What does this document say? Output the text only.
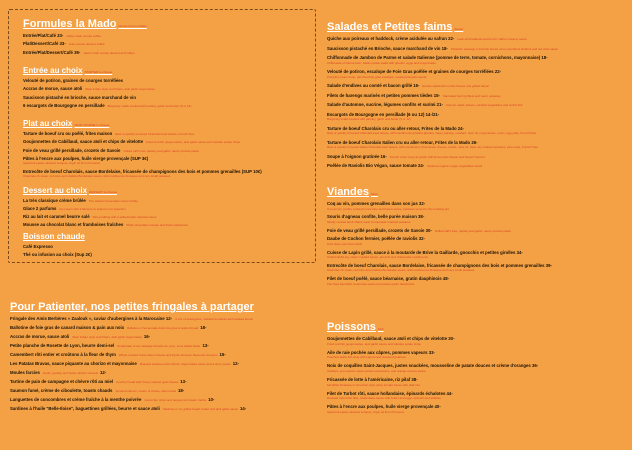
Formules la Mado Menus from La Mado
Entrée/Plat/Café 33- starter main course coffee
Plat/Dessert/Café 33- main course dessert coffee
Entrée/Plat/Dessert/Café 39- starter main course dessert and coffee
Entrée au choix STARTER to choose
Velouté de potiron, graines de courges torréfiées
Accras de morue, sauce aïoli West Indian style cod fritters, aioli garlic mayonnaise
Saucisson pistaché en brioche, sauce marchand de vin
6 escargots de Bourgogne en persillade Burgundy snails cooked with parsley, garlic and butter (6 or 12)
Plat au choix MAIN COURSE to choose
Tartare de boeuf cru ou poêlé, frites maison Raw or quickly browned Charolais beef tartare, French fries
Goujonnettes de Cabillaud, sauce aïoli et chips de vitelotte Fried cod fish goujonnettes, aioli garlic sauce and vitelotte potato chips
Foie de veau grillé persillade, crozets de Savoie Grilled calf's liver parsley and garlic, savoy crozets pasta
Pâtes à l'encre aux poulpes, huile vierge provençale (SUP 3€)
Squid ink pasta, sauteed octopus, virgin oil from Provence
Entrecôte de boeuf Charolais, sauce Bordelaise, fricassée de champignons des bois et pommes grenailles (SUP 10€)
Charolais rib steak, red wine and shallots Bordelaise sauce, wild mushrooms fricassee and very small potatoes
Dessert au choix DESSERT to choose
La très classique crème brûlée The classic homemade crème brûlée
Glace 2 parfums Ice cream with 2 flavours to select in our selection
Riz au lait et caramel beurre salé Rice pudding with a salted butter caramel sauce
Mousse au chocolat blanc et framboises fraîches White chocolate mousse and fresh raspberries
Boisson chaude
Café Expresso
Thé ou infusion au choix (Sup 2€)
Salades et Petites faims Starter
Quiche aux poireaux et haddock, crème acidulée au safran 22- Leek and haddock quiche tart, saffron creamy sauce
Saucisson pistaché en Brioche, sauce marchand de vin 18- Pistachio sausage in brioche bread, wine merchants shallots and red wine sauce
Chiffonnade de Jambon de Parme et salade Italienne (pomme de terre, tomate, cornichons, mayonnaise) 18-
Chiffonade of Parma ham, Italian potato salad with gherkin, eggs and mayonnaise
Velouté de potiron, escalope de Foie Gras poêlée et graines de courges torréfiées 22-
Pumpkin cream soup, pan fried foie gras escalope, roasted pumpkin seeds
Salade d'endives au comté et bacon grillé 16- Endive salad with comté cheese and grilled bacon
Filets de harengs marinés et petites pommes tièdes 15- Marinated herring fillets and warm potatoes
Salade d'automne, sucrine, légumes confits et surimi 21- Autumn salad, lettuce, candied vegetables and surimi fish
Escargots de Bourgogne en persillade (6 ou 12) 14-/21-
Burgundy snails cooked with parsley, garlic and butter (6 or 12)
Tartare de boeuf Charolais cru ou aller-retour, Frites de la Mado 24-
Raw or quickly browned Charolais beef tartare, with condiments (pickled gherkin, caper, parsley, mustard, olive oil, mayonnaise, onion, egg yolk), French fries
Tartare de boeuf Charolais Italien cru ou aller-retour, Frites de la Mado 26-
Raw or quickly browned Italian Charolais beef tartare, with condiments (Parmesan cheese, rocket, olive oil, basil, dry cooked tomatoes, pine nuts), French fries
Soupe à l'oignon gratinée 16- French onion soup au gratin with Emmental cheese and bread croutons
Poêlée de Raviolis Bio Végan, sauce tomate 24- Sauteed organic vegan vegetables ravioli
Viandes Meat
Coq au vin, pommes grenailles dans son jus 32-
Coq au vin, poultry cooked in red wine and bacon sauce, potatoes served in the cooking pot
Souris d'agneau confite, belle purée maison 38-
Slowly cooked lamb shank meat, homemade mashed potatoes
Foie de veau grillé persillade, crozets de Savoie 30- Grilled calf's liver, parsley and garlic, savoy crozets pasta
Daube de Cochon fermier, poêlée de raviolis 32-
Pork stew, pan fried ravioli
Cuisse de Lapin grillé, sauce à la moutarde de Brive la Gaillarde, gnocchis et petites girolles 34-
Grilled rabbit leg, violet mustard sauce, gnocchi and chanterelle mushrooms
Entrecôte de boeuf Charolais, sauce Bordelaise, fricassée de champignons des bois et pommes grenailles 39-
Charolais rib steak, red wine and shallots Bordelaise sauce, wild mushrooms fricassee and very small potatoes
Filet de boeuf poêlé, sauce béarnaise, gratin dauphinois 48-
Pan fried beef fillet, bearnaise sauce and potato gratin dauphinois
Poissons Fish
Goujonnettes de Cabillaud, sauce aïoli et chips de vitelotte 30-
Fried cod fish goujonnettes, aioli garlic sauce and vitelotte potato chips
Aile de raie pochée aux câpres, pommes vapeurs 33-
Poached skate fish wing with capers and steamed potatoes
Noix de coquilles Saint-Jacques, justes snackées, mousseline de patate douces et crème d'oranges 36-
Scallops, just seared, sweet potato mousseline, and orange creamy sauce
Fricassée de lotte à l'américaine, riz pilaf 38-
Monkfish fricassee in American style spicy tomato sauce with pilaf rice
Filet de Turbot rôti, sauce hollandaise, épinards échalotes 44-
Roasted turbot fish fillet, hollandaise sauce with butter and eggs, spinach and shallots
Pâtes à l'encre aux poulpes, huile vierge provençale 40-
Squid ink pasta, sauteed octopus, virgin oil from Provence
Pour Patienter, nos petites fringales à partager
Fringale des Amis Berbères « Zaalouk », caviar d'aubergines à la Marocaine 12- A mix of aubergines, mashed tomatoes and candied lemon
Ballotine de foie gras de canard maison & pain aux noix Ballotine of homemade duck foie gras & walnut bread 18-
Accras de morue, sauce aïoli West Indian style cod fritters, aioli garlic mayonnaise 16-
Petite planche de Rosette de Lyon, beurre demi-sel Small plate of dry sausage Rosette de Lyon, semi salted butter 13-
Camembert rôti entier et croûtons à la fleur de thym Whole roasted Camembert cheese and thyme blossom flavoured croutons 15-
Les Patatas Bravas, sauce piquante au chorizo et mayonnaise Roasted potatoes with chorizo mayonnaise sauce and a spicy sauce 12-
Moules farcies Garlic, parsley and butter stuffed mussels 12-
Tartine de pain de campagne et chèvre rôti au miel Country bread with honey roasted goat cheese 13-
Saumon fumé, crème de ciboulette, toasts chauds Smoked salmon, cream of chives, warm toast 18-
Languettes de concombres et crème fraîche à la menthe poivrée Cucumber strips and peppermint cream frache 10-
Sardines à l'huile "Belle-Iloise", baguettines grillées, beurre et sauce aïoli Sardines in oil, grilled bread, butter and aioli garlic sauce 14-
